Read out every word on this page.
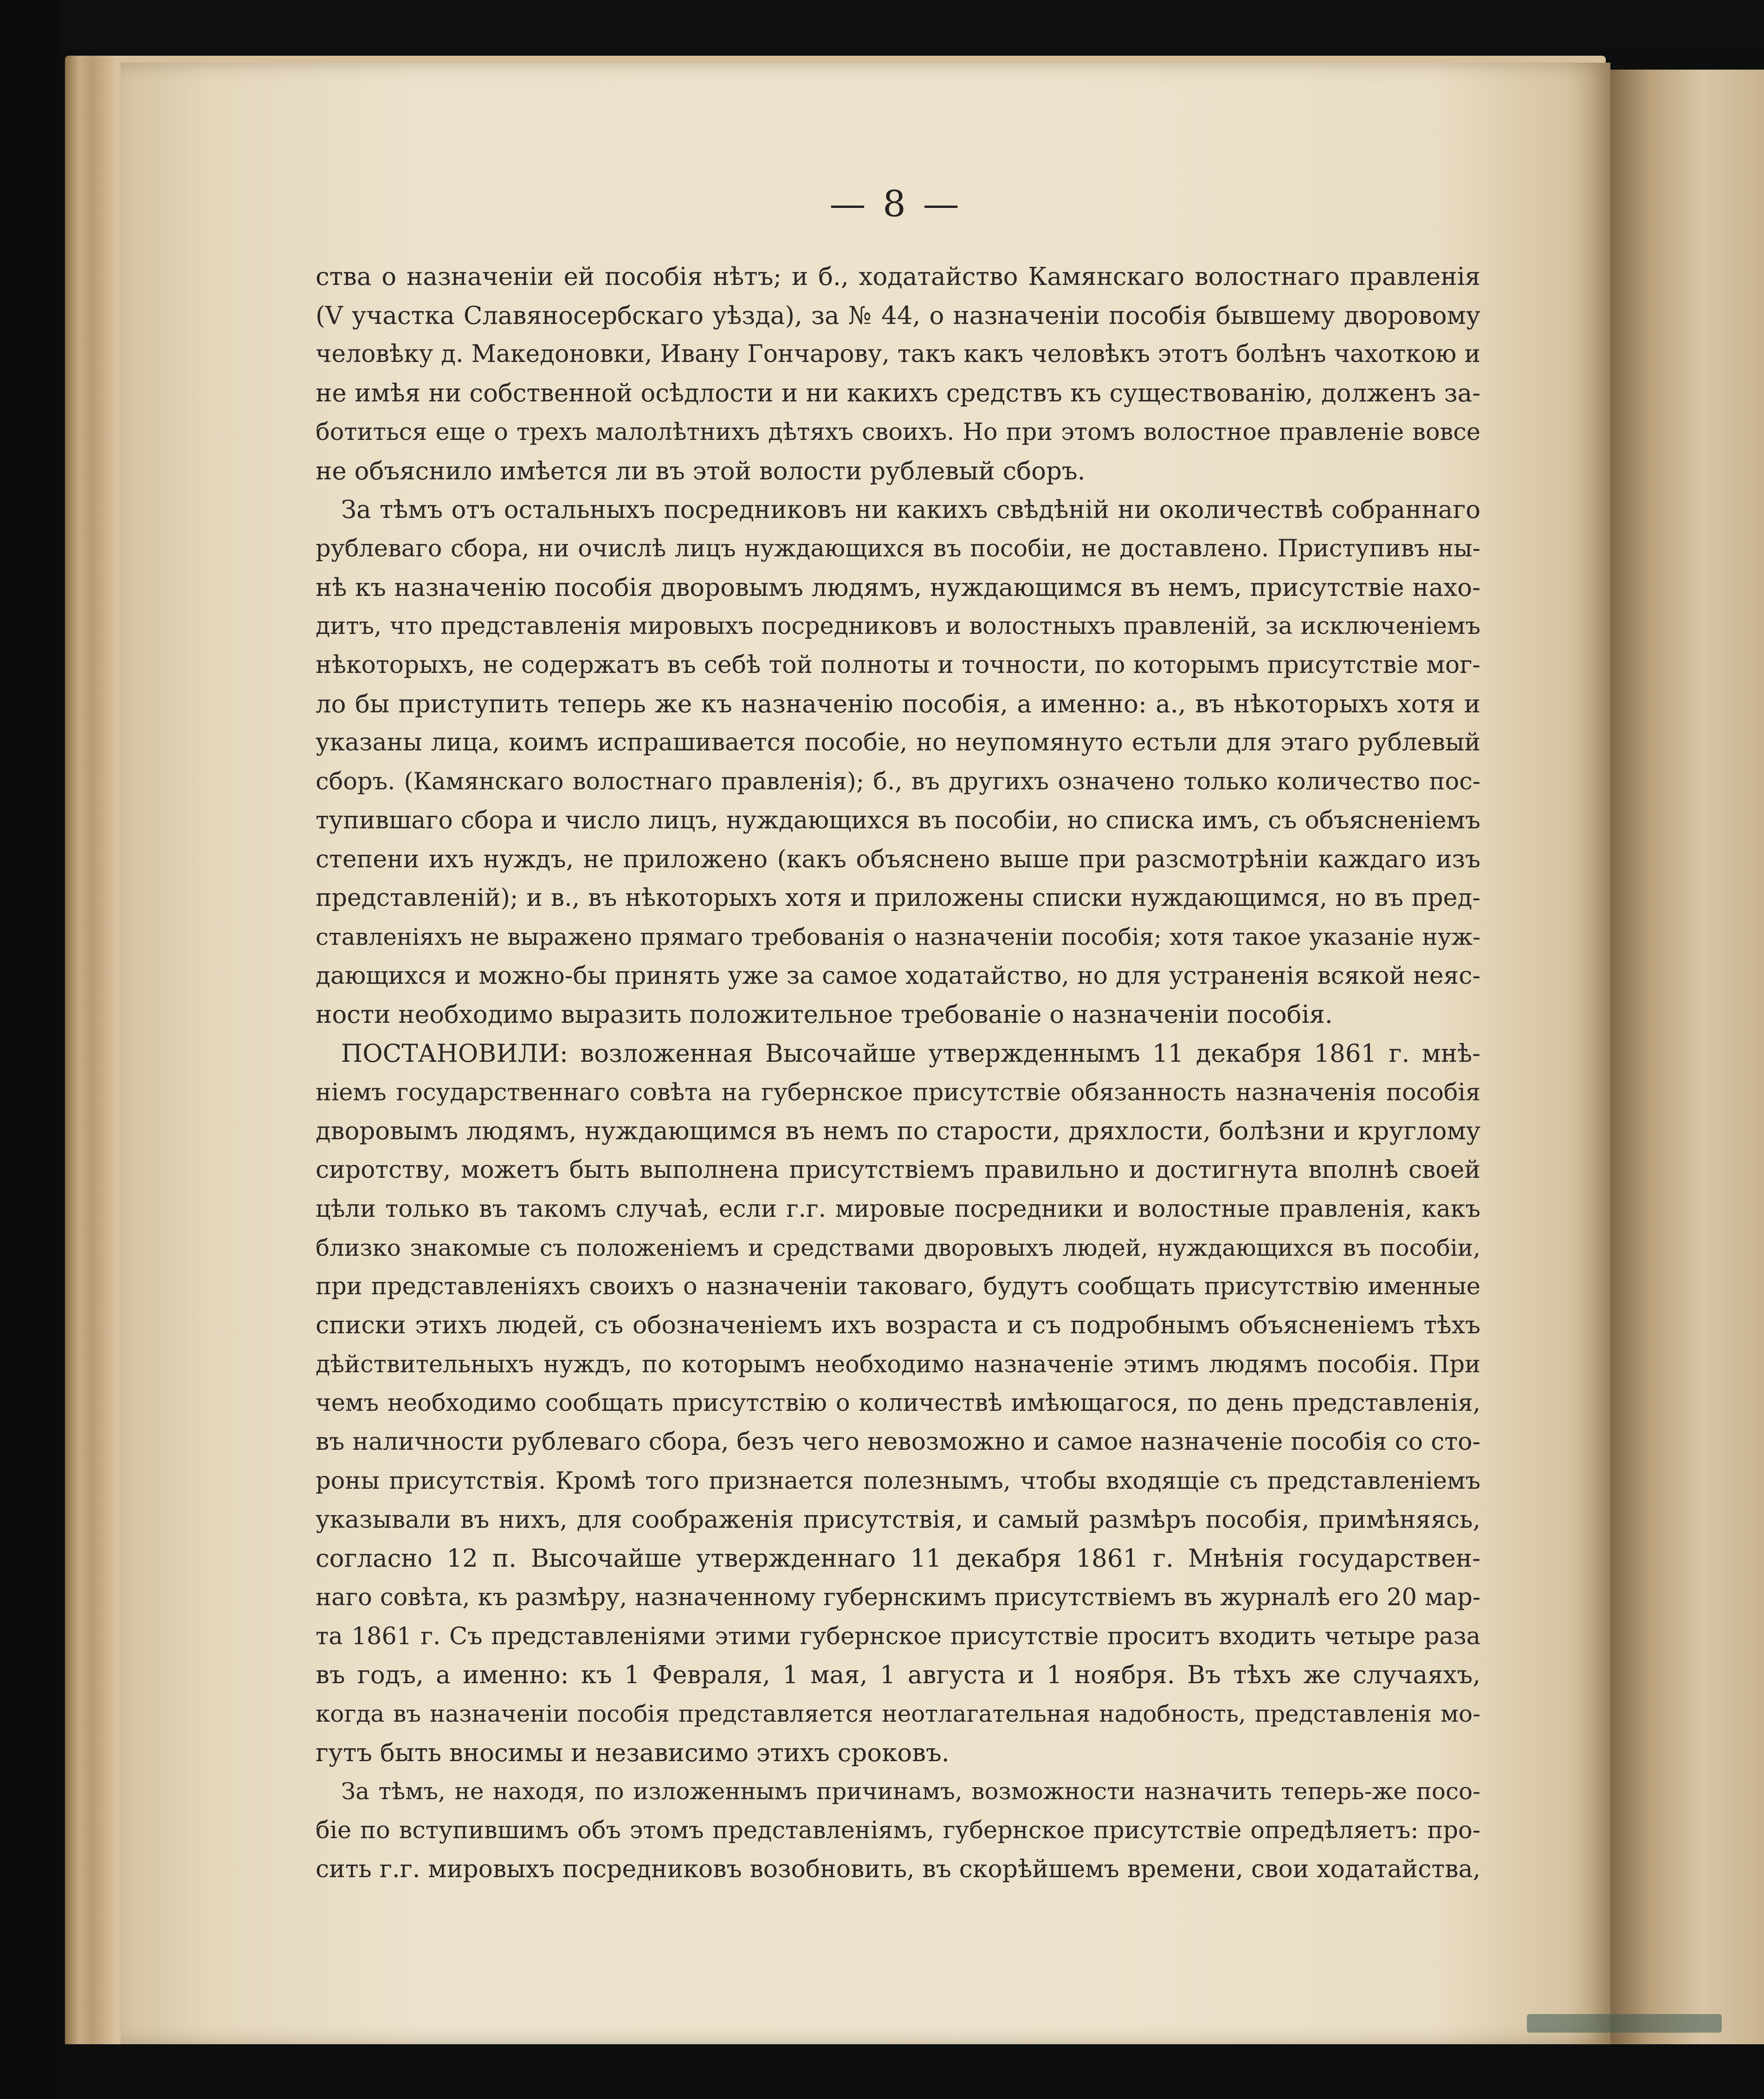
— 8 —
ства о назначенiи ей пособiя нѣтъ; и б., ходатайство Камянскаго волостнаго правленiя
(V участка Славяносербскаго уѣзда), за № 44, о назначенiи пособiя бывшему дворовому
человѣку д. Македоновки, Ивану Гончарову, такъ какъ человѣкъ этотъ болѣнъ чахоткою и
не имѣя ни собственной осѣдлости и ни какихъ средствъ къ существованiю, долженъ за-
ботиться еще о трехъ малолѣтнихъ дѣтяхъ своихъ. Но при этомъ волостное правленiе вовсе
не объяснило имѣется ли въ этой волости рублевый сборъ.
За тѣмъ отъ остальныхъ посредниковъ ни какихъ свѣдѣнiй ни околичествѣ собраннаго
рублеваго сбора, ни очислѣ лицъ нуждающихся въ пособiи, не доставлено. Приступивъ ны-
нѣ къ назначенiю пособiя дворовымъ людямъ, нуждающимся въ немъ, присутствiе нахо-
дитъ, что представленiя мировыхъ посредниковъ и волостныхъ правленiй, за исключенiемъ
нѣкоторыхъ, не содержатъ въ себѣ той полноты и точности, по которымъ присутствiе мог-
ло бы приступить теперь же къ назначенiю пособiя, а именно: а., въ нѣкоторыхъ хотя и
указаны лица, коимъ испрашивается пособiе, но неупомянуто естьли для этаго рублевый
сборъ. (Камянскаго волостнаго правленiя); б., въ другихъ означено только количество пос-
тупившаго сбора и число лицъ, нуждающихся въ пособiи, но списка имъ, съ объясненiемъ
степени ихъ нуждъ, не приложено (какъ объяснено выше при разсмотрѣнiи каждаго изъ
представленiй); и в., въ нѣкоторыхъ хотя и приложены списки нуждающимся, но въ пред-
ставленiяхъ не выражено прямаго требованiя о назначенiи пособiя; хотя такое указанiе нуж-
дающихся и можно-бы принять уже за самое ходатайство, но для устраненiя всякой неяс-
ности необходимо выразить положительное требованiе о назначенiи пособiя.
ПОСТАНОВИЛИ: возложенная Высочайше утвержденнымъ 11 декабря 1861 г. мнѣ-
нiемъ государственнаго совѣта на губернское присутствiе обязанность назначенiя пособiя
дворовымъ людямъ, нуждающимся въ немъ по старости, дряхлости, болѣзни и круглому
сиротству, можетъ быть выполнена присутствiемъ правильно и достигнута вполнѣ своей
цѣли только въ такомъ случаѣ, если г.г. мировые посредники и волостные правленiя, какъ
близко знакомые съ положенiемъ и средствами дворовыхъ людей, нуждающихся въ пособiи,
при представленiяхъ своихъ о назначенiи таковаго, будутъ сообщать присутствiю именные
списки этихъ людей, съ обозначенiемъ ихъ возраста и съ подробнымъ объясненiемъ тѣхъ
дѣйствительныхъ нуждъ, по которымъ необходимо назначенiе этимъ людямъ пособiя. При
чемъ необходимо сообщать присутствiю о количествѣ имѣющагося, по день представленiя,
въ наличности рублеваго сбора, безъ чего невозможно и самое назначенiе пособiя со сто-
роны присутствiя. Кромѣ того признается полезнымъ, чтобы входящiе съ представленiемъ
указывали въ нихъ, для соображенiя присутствiя, и самый размѣръ пособiя, примѣняясь,
согласно 12 п. Высочайше утвержденнаго 11 декабря 1861 г. Мнѣнiя государствен-
наго совѣта, къ размѣру, назначенному губернскимъ присутствiемъ въ журналѣ его 20 мар-
та 1861 г. Съ представленiями этими губернское присутствiе проситъ входить четыре раза
въ годъ, а именно: къ 1 Февраля, 1 мая, 1 августа и 1 ноября. Въ тѣхъ же случаяхъ,
когда въ назначенiи пособiя представляется неотлагательная надобность, представленiя мо-
гутъ быть вносимы и независимо этихъ сроковъ.
За тѣмъ, не находя, по изложеннымъ причинамъ, возможности назначить теперь-же посо-
бiе по вступившимъ объ этомъ представленiямъ, губернское присутствiе опредѣляетъ: про-
сить г.г. мировыхъ посредниковъ возобновить, въ скорѣйшемъ времени, свои ходатайства,
